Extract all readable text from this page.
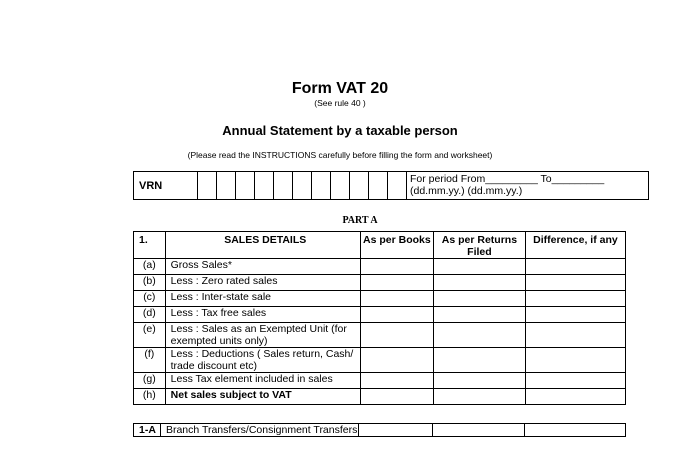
Form VAT 20
(See rule 40 )
Annual Statement by a taxable person
(Please read the INSTRUCTIONS carefully before filling the form and worksheet)
VRN												
For period From_________ To_________
(dd.mm.yy.) (dd.mm.yy.)
PART A
1.	SALES DETAILS	As per Books	As per Returns Filed	Difference, if any
(a)	Gross Sales*			
(b)	Less : Zero rated sales			
(c)	Less : Inter-state sale			
(d)	Less : Tax free sales			
(e)	Less : Sales as an Exempted Unit (for exempted units only)			
(f)	Less : Deductions ( Sales return, Cash/ trade discount etc)			
(g)	Less Tax element included in sales			
(h)	Net sales subject to VAT			
1-A	Branch Transfers/Consignment Transfers			
